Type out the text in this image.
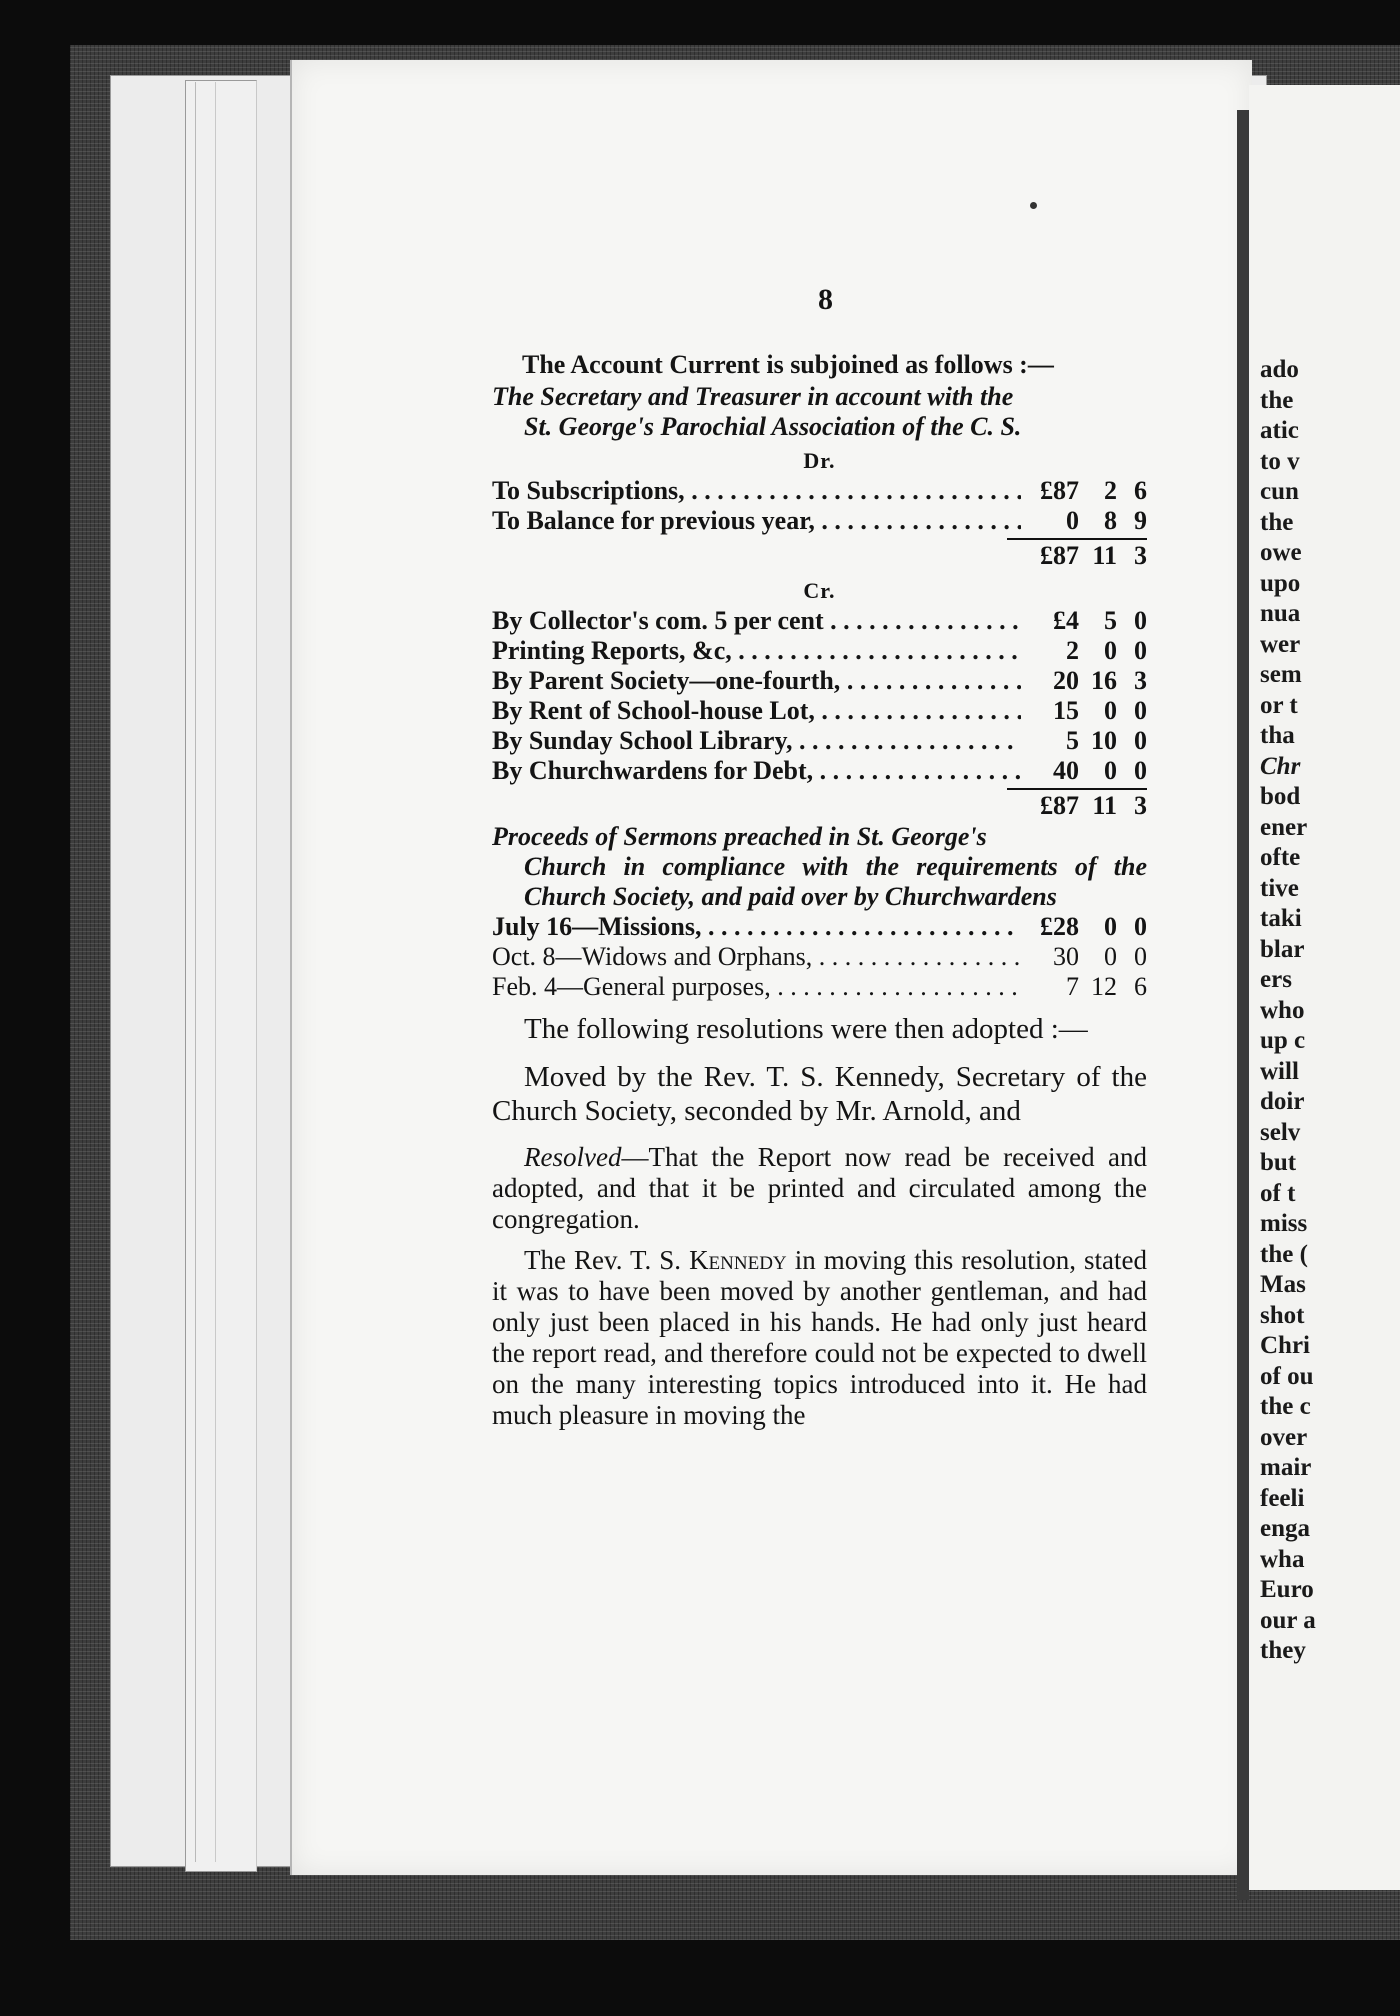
8
The Account Current is subjoined as follows :—
The Secretary and Treasurer in account with the
St. George's Parochial Association of the C. S.
Dr.
To Subscriptions, . . .	£87 2 6
To Balance for previous year, . . .	0 8 9
£87 11 3
Cr.
By Collector's com. 5 per cent . . .	£4 5 0
Printing Reports, &c, . . .	2 0 0
By Parent Society—one-fourth, . . .	20 16 3
By Rent of School-house Lot, . . .	15 0 0
By Sunday School Library, . . .	5 10 0
By Churchwardens for Debt, . . .	40 0 0
£87 11 3
Proceeds of Sermons preached in St. George's
Church in compliance with the requirements of the Church Society, and paid over by Churchwardens
July 16—Missions, . . .	£28 0 0
Oct. 8—Widows and Orphans, . . .	30 0 0
Feb. 4—General purposes, . . .	7 12 6
The following resolutions were then adopted :—
Moved by the Rev. T. S. Kennedy, Secretary of the Church Society, seconded by Mr. Arnold, and
Resolved—That the Report now read be received and adopted, and that it be printed and circulated among the congregation.
The Rev. T. S. Kennedy in moving this resolution, stated it was to have been moved by another gentleman, and had only just been placed in his hands. He had only just heard the report read, and therefore could not be expected to dwell on the many interesting topics introduced into it. He had much pleasure in moving the
ado
the
atic
to v
cun
the
owe
upo
nua
wer
sem
or t
tha
Chr
bod
ener
ofte
tive
taki
blar
ers
who
up c
will
doir
selv
but
of t
miss
the (
Mas
shot
Chri
of ou
the c
over
mair
feeli
enga
wha
Euro
our a
they
